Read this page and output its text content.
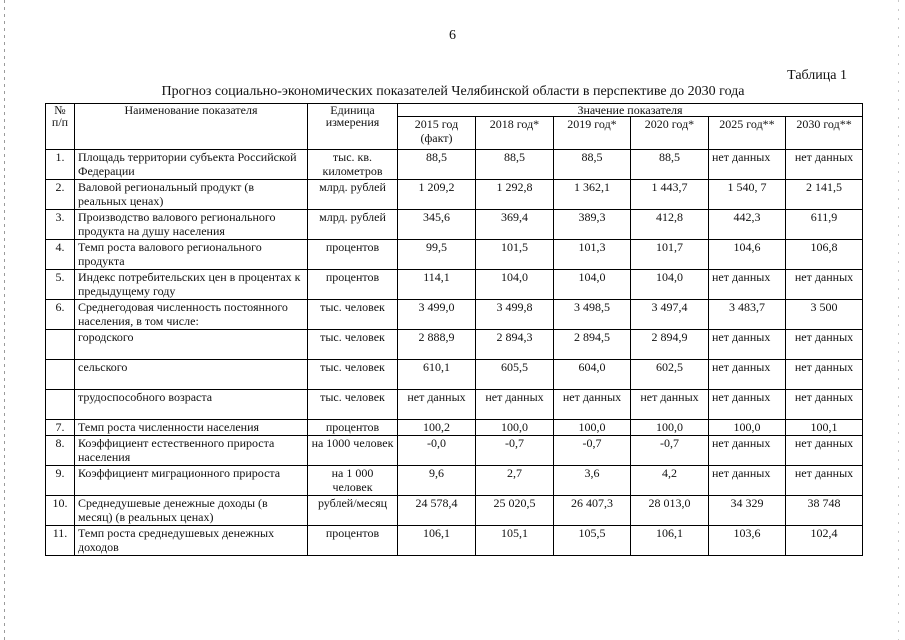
6
Таблица 1
Прогноз социально-экономических показателей Челябинской области в перспективе до 2030 года
№ п/п	Наименование показателя	Единица измерения	Значение показателя					
			2015 год (факт)	2018 год*	2019 год*	2020 год*	2025 год**	2030 год**
1.	Площадь территории субъекта Российской Федерации	тыс. кв. километров	88,5	88,5	88,5	88,5	нет данных	нет данных
2.	Валовой региональный продукт (в реальных ценах)	млрд. рублей	1 209,2	1 292,8	1 362,1	1 443,7	1 540, 7	2 141,5
3.	Производство валового регионального продукта на душу населения	млрд. рублей	345,6	369,4	389,3	412,8	442,3	611,9
4.	Темп роста валового регионального продукта	процентов	99,5	101,5	101,3	101,7	104,6	106,8
5.	Индекс потребительских цен в процентах к предыдущему году	процентов	114,1	104,0	104,0	104,0	нет данных	нет данных
6.	Среднегодовая численность постоянного населения, в том числе:	тыс. человек	3 499,0	3 499,8	3 498,5	3 497,4	3 483,7	3 500
	городского	тыс. человек	2 888,9	2 894,3	2 894,5	2 894,9	нет данных	нет данных
	сельского	тыс. человек	610,1	605,5	604,0	602,5	нет данных	нет данных
	трудоспособного возраста	тыс. человек	нет данных	нет данных	нет данных	нет данных	нет данных	нет данных
7.	Темп роста численности населения	процентов	100,2	100,0	100,0	100,0	100,0	100,1
8.	Коэффициент естественного прироста населения	на 1000 человек	-0,0	-0,7	-0,7	-0,7	нет данных	нет данных
9.	Коэффициент миграционного прироста	на 1 000 человек	9,6	2,7	3,6	4,2	нет данных	нет данных
10.	Среднедушевые денежные доходы (в месяц) (в реальных ценах)	рублей/месяц	24 578,4	25 020,5	26 407,3	28 013,0	34 329	38 748
11.	Темп роста среднедушевых денежных доходов	процентов	106,1	105,1	105,5	106,1	103,6	102,4
